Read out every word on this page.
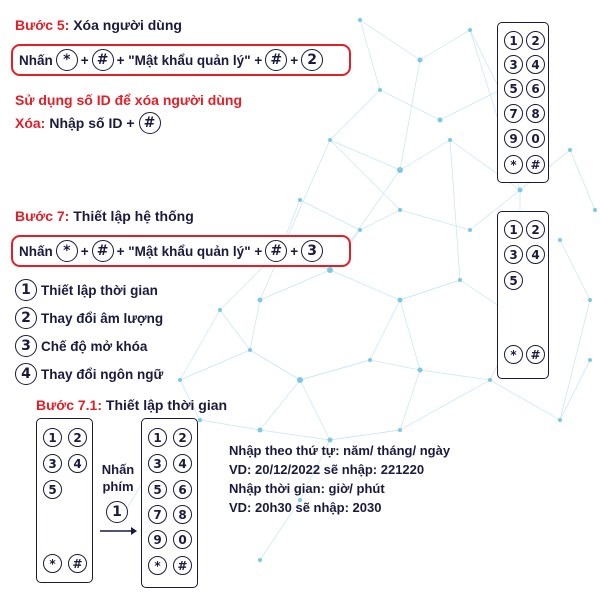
Bước 5: Xóa người dùng
Nhấn * + # + "Mật khẩu quản lý" + # + 2
Sử dụng số ID để xóa người dùng
Xóa: Nhập số ID + #
Bước 7: Thiết lập hệ thống
Nhấn * + # + "Mật khẩu quản lý" + # + 3
1 Thiết lập thời gian
2 Thay đổi âm lượng
3 Chế độ mở khóa
4 Thay đổi ngôn ngữ
Bước 7.1: Thiết lập thời gian
Nhấn
phím
1
Nhập theo thứ tự: năm/ tháng/ ngày
VD: 20/12/2022 sẽ nhập: 221220
Nhập thời gian: giờ/ phút
VD: 20h30 sẽ nhập: 2030
1	2
3	4
5	6
7	8
9	0
*	#
1	2
3	4
5
*	#
1	2
3	4
5
*	#
1	2
3	4
5	6
7	8
9	0
*	#
